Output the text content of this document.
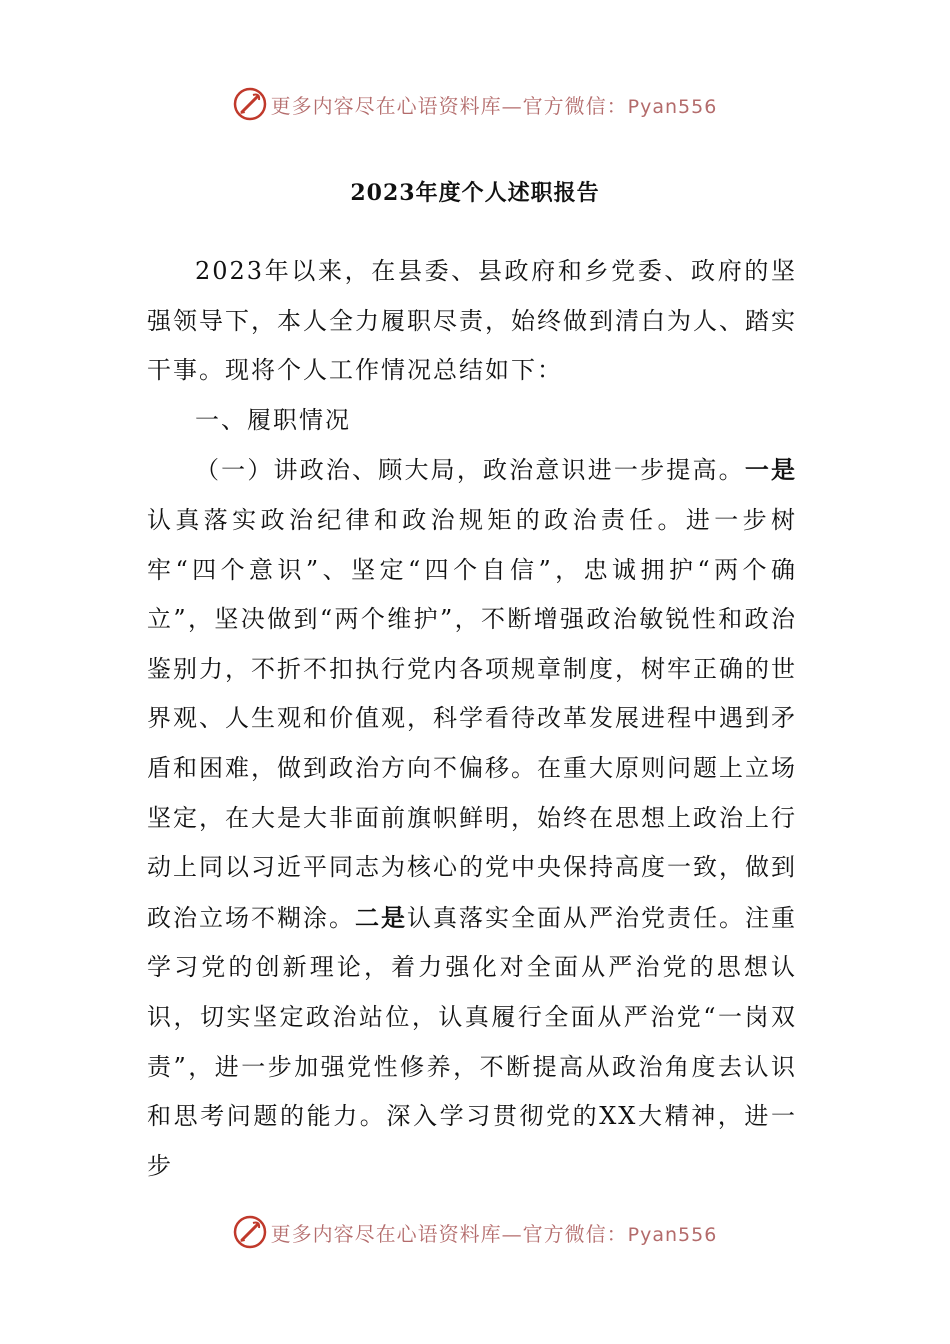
更多内容尽在心语资料库—官方微信：Pyan556
2023年度个人述职报告

2023年以来，在县委、县政府和乡党委、政府的坚强领导下，本人全力履职尽责，始终做到清白为人、踏实干事。现将个人工作情况总结如下：

一、履职情况

（一）讲政治、顾大局，政治意识进一步提高。一是认真落实政治纪律和政治规矩的政治责任。进一步树牢“四个意识”、坚定“四个自信”，忠诚拥护“两个确立”，坚决做到“两个维护”，不断增强政治敏锐性和政治鉴别力，不折不扣执行党内各项规章制度，树牢正确的世界观、人生观和价值观，科学看待改革发展进程中遇到矛盾和困难，做到政治方向不偏移。在重大原则问题上立场坚定，在大是大非面前旗帜鲜明，始终在思想上政治上行动上同以习近平同志为核心的党中央保持高度一致，做到政治立场不糊涂。二是认真落实全面从严治党责任。注重学习党的创新理论，着力强化对全面从严治党的思想认识，切实坚定政治站位，认真履行全面从严治党“一岗双责”，进一步加强党性修养，不断提高从政治角度去认识和思考问题的能力。深入学习贯彻党的XX大精神，进一步

更多内容尽在心语资料库—官方微信：Pyan556
